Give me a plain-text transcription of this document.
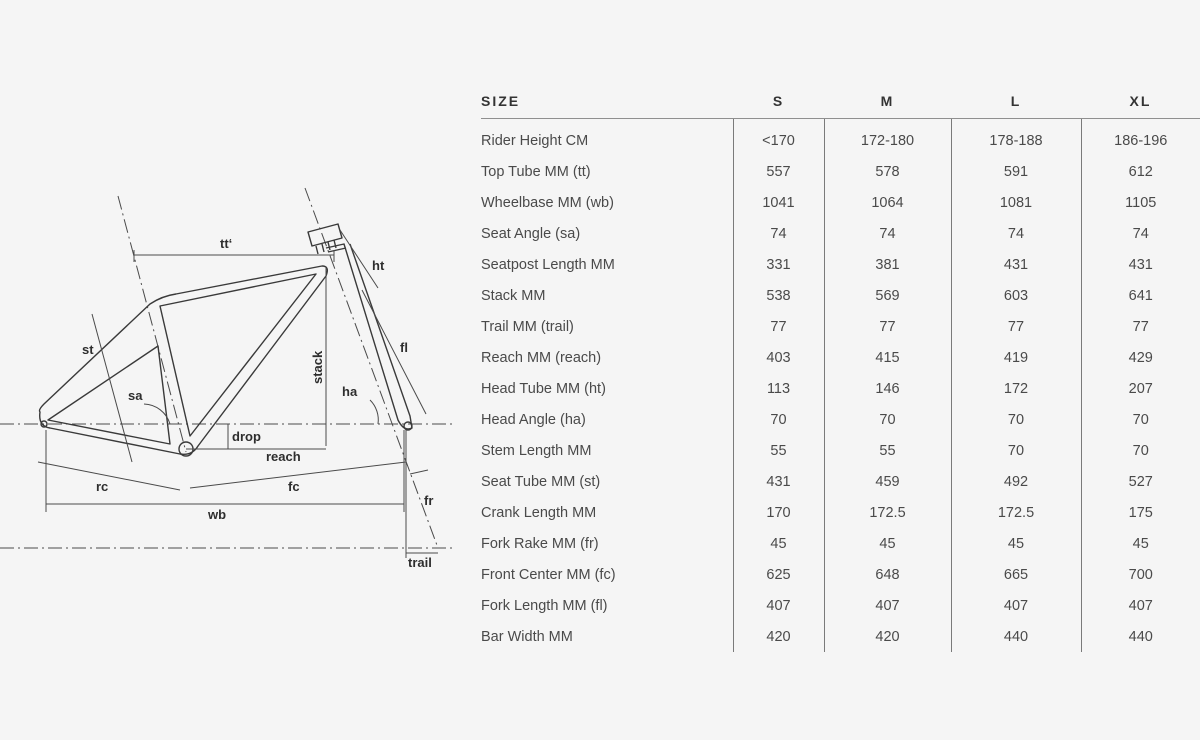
tt‘
ht
st	fl
stack
sa	ha
drop
reach
rc	fc
wb
fr
trail
SIZE	S	M	L	XL
Rider Height CM	<170	172-180	178-188	186-196
Top Tube MM (tt)	557	578	591	612
Wheelbase MM (wb)	1041	1064	1081	1105
Seat Angle (sa)	74	74	74	74
Seatpost Length MM	331	381	431	431
Stack MM	538	569	603	641
Trail MM (trail)	77	77	77	77
Reach MM (reach)	403	415	419	429
Head Tube MM (ht)	113	146	172	207
Head Angle (ha)	70	70	70	70
Stem Length MM	55	55	70	70
Seat Tube MM (st)	431	459	492	527
Crank Length MM	170	172.5	172.5	175
Fork Rake MM (fr)	45	45	45	45
Front Center MM (fc)	625	648	665	700
Fork Length MM (fl)	407	407	407	407
Bar Width MM	420	420	440	440
